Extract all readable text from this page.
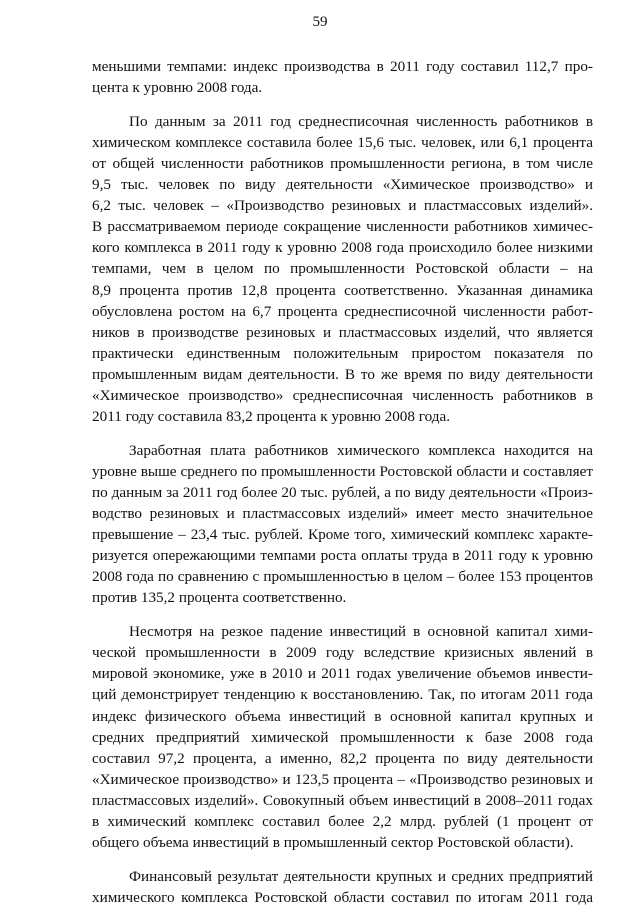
59

меньшими темпами: индекс производства в 2011 году составил 112,7 про-
цента к уровню 2008 года.

По данным за 2011 год среднесписочная численность работников в
химическом комплексе составила более 15,6 тыс. человек, или 6,1 процента
от общей численности работников промышленности региона, в том числе
9,5 тыс. человек по виду деятельности «Химическое производство» и
6,2 тыс. человек – «Производство резиновых и пластмассовых изделий».
В рассматриваемом периоде сокращение численности работников химичес-
кого комплекса в 2011 году к уровню 2008 года происходило более низкими
темпами, чем в целом по промышленности Ростовской области – на
8,9 процента против 12,8 процента соответственно. Указанная динамика
обусловлена ростом на 6,7 процента среднесписочной численности работ-
ников в производстве резиновых и пластмассовых изделий, что является
практически единственным положительным приростом показателя по
промышленным видам деятельности. В то же время по виду деятельности
«Химическое производство» среднесписочная численность работников в
2011 году составила 83,2 процента к уровню 2008 года.

Заработная плата работников химического комплекса находится на
уровне выше среднего по промышленности Ростовской области и составляет
по данным за 2011 год более 20 тыс. рублей, а по виду деятельности «Произ-
водство резиновых и пластмассовых изделий» имеет место значительное
превышение – 23,4 тыс. рублей. Кроме того, химический комплекс характе-
ризуется опережающими темпами роста оплаты труда в 2011 году к уровню
2008 года по сравнению с промышленностью в целом – более 153 процентов
против 135,2 процента соответственно.

Несмотря на резкое падение инвестиций в основной капитал хими-
ческой промышленности в 2009 году вследствие кризисных явлений в
мировой экономике, уже в 2010 и 2011 годах увеличение объемов инвести-
ций демонстрирует тенденцию к восстановлению. Так, по итогам 2011 года
индекс физического объема инвестиций в основной капитал крупных и
средних предприятий химической промышленности к базе 2008 года
составил 97,2 процента, а именно, 82,2 процента по виду деятельности
«Химическое производство» и 123,5 процента – «Производство резиновых и
пластмассовых изделий». Совокупный объем инвестиций в 2008–2011 годах
в химический комплекс составил более 2,2 млрд. рублей (1 процент от
общего объема инвестиций в промышленный сектор Ростовской области).

Финансовый результат деятельности крупных и средних предприятий
химического комплекса Ростовской области составил по итогам 2011 года
